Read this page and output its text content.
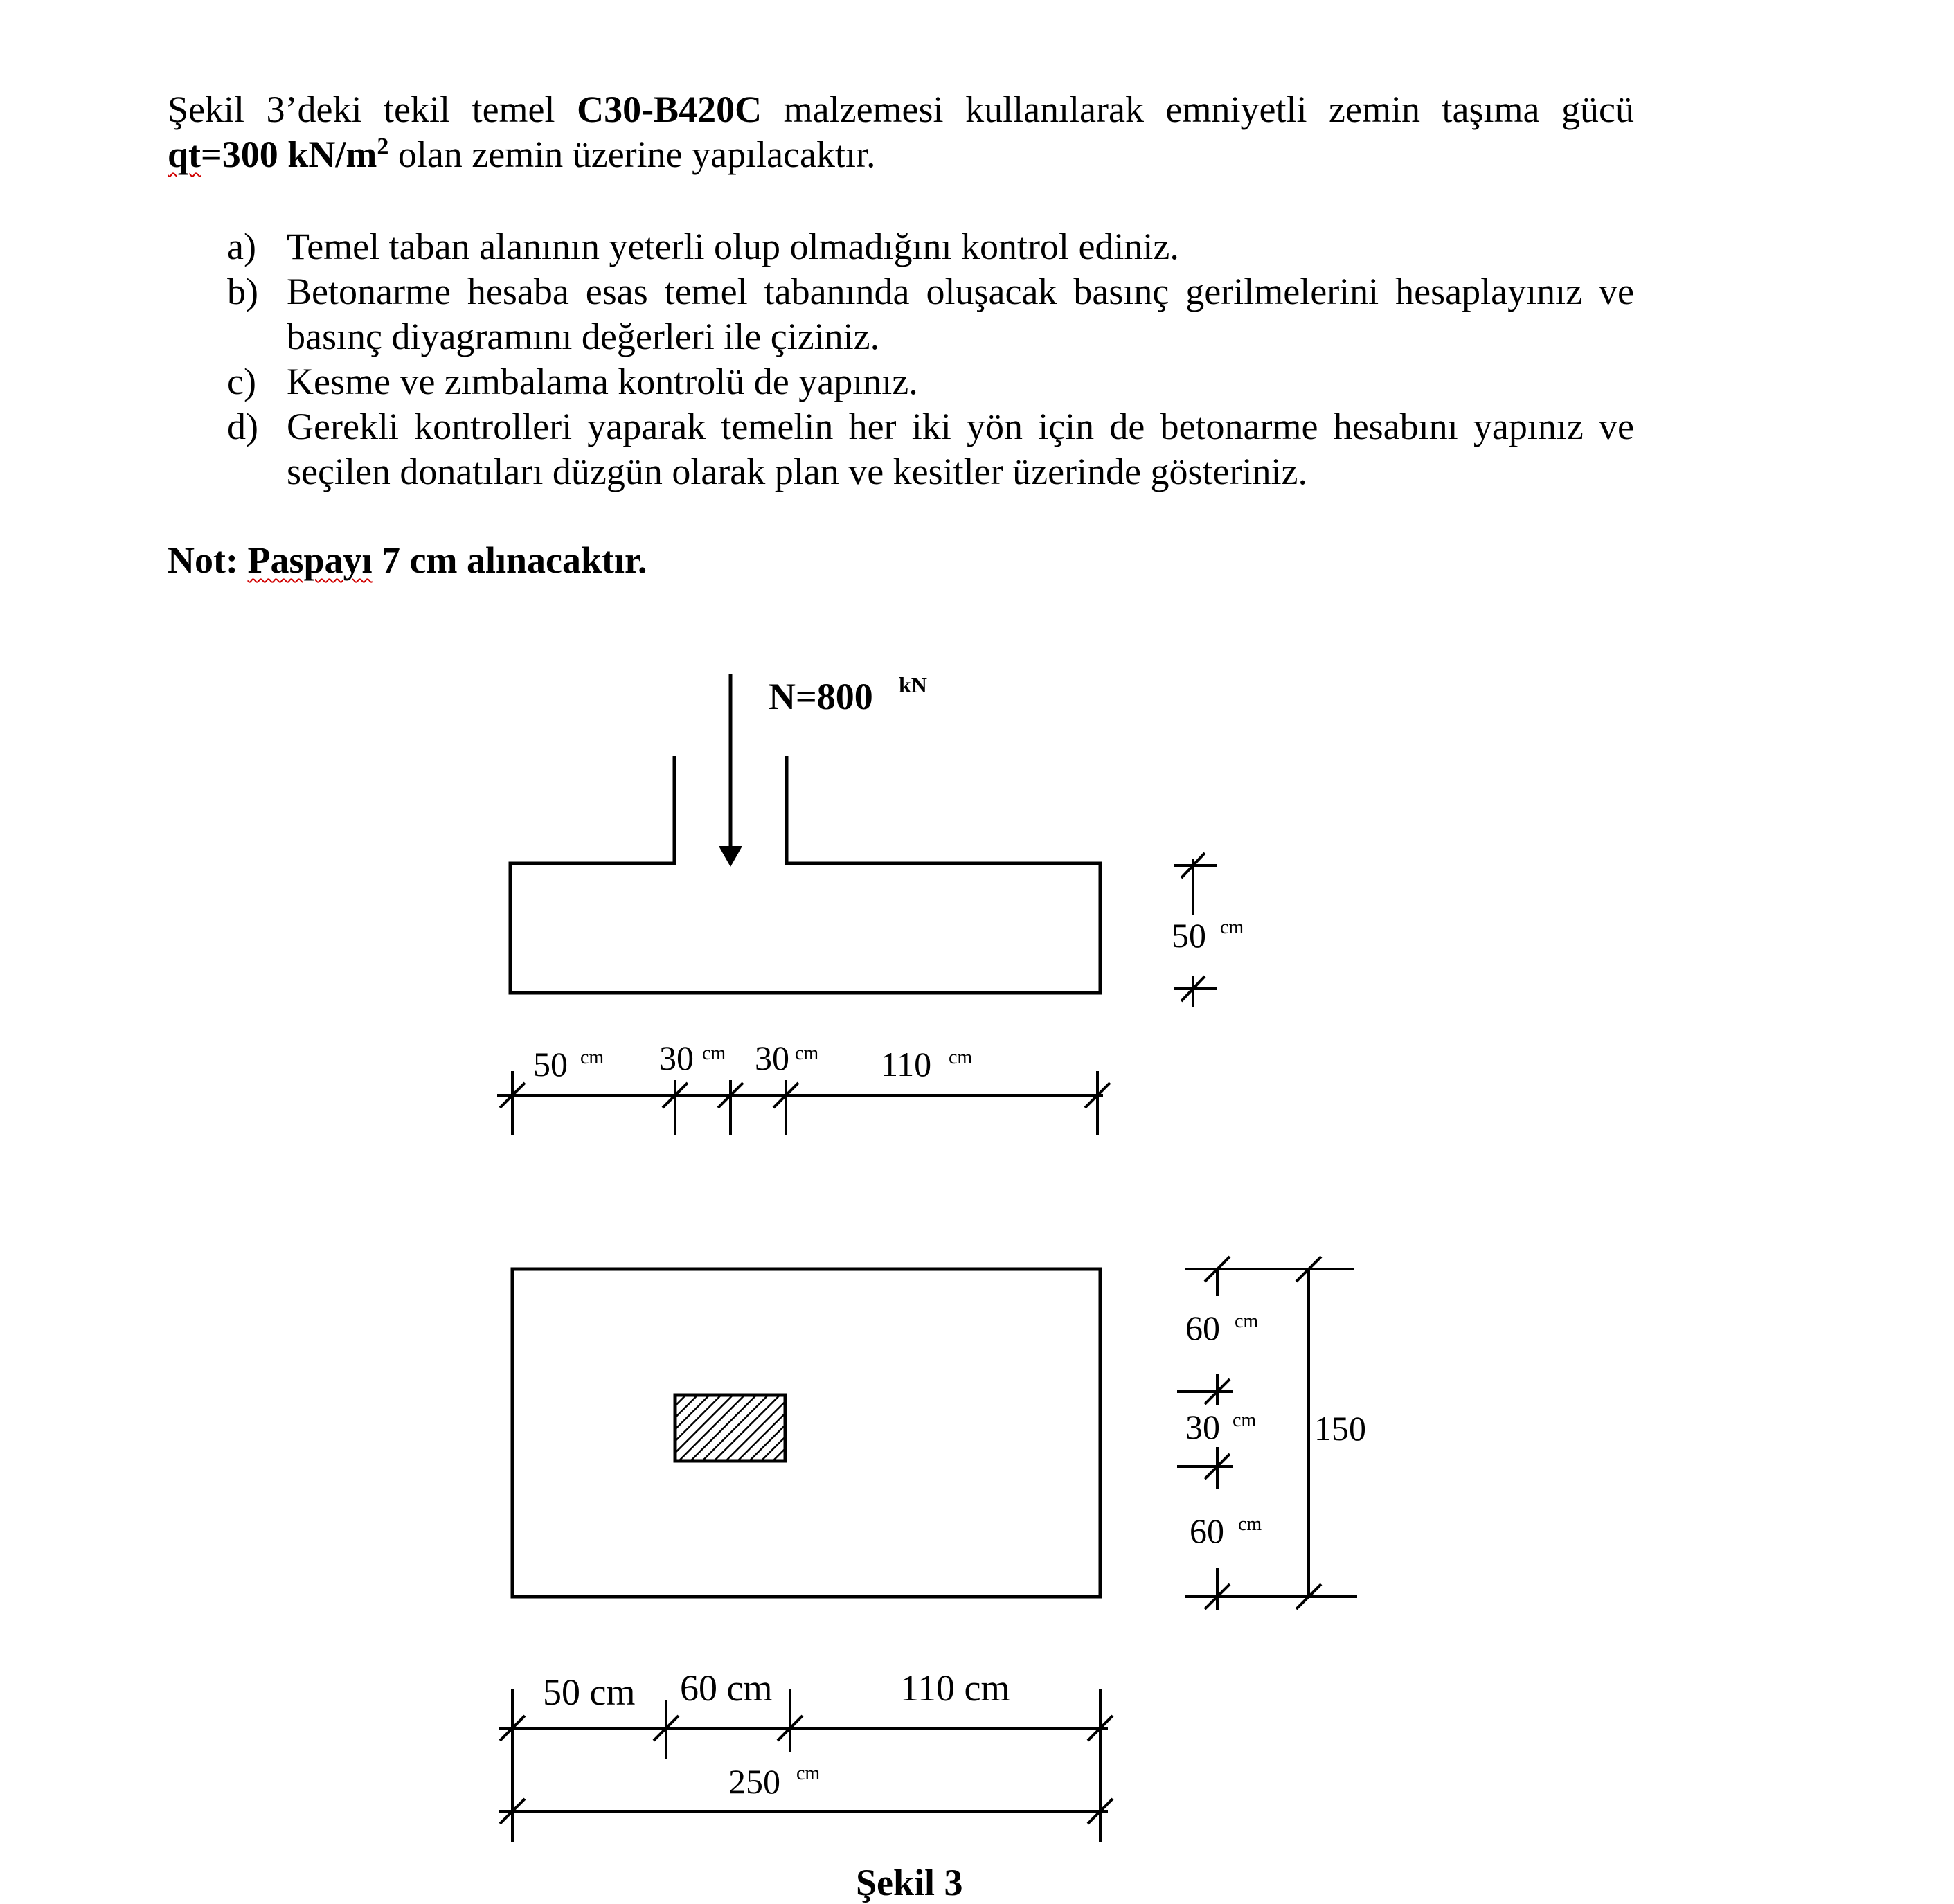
Şekil 3’deki tekil temel C30-B420C malzemesi kullanılarak emniyetli zemin taşıma gücü

qt=300 $kN/m^2$ olan zemin üzerine yapılacaktır.

a) Temel taban alanının yeterli olup olmadığını kontrol ediniz.
b) Betonarme hesaba esas temel tabanında oluşacak basınç gerilmelerini hesaplayınız ve
basınç diyagramını değerleri ile çiziniz.
c) Kesme ve zımbalama kontrolü de yapınız.
d) Gerekli kontrolleri yaparak temelin her iki yön için de betonarme hesabını yapınız ve
seçilen donatıları düzgün olarak plan ve kesitler üzerinde gösteriniz.

Not: Paspayı 7 cm alınacaktır.

N=800 kN
50 cm
50 cm 30 cm 30 cm 110 cm
60 cm
30 cm
60 cm
150
50 cm 60 cm	110 cm
250 cm
Şekil 3
